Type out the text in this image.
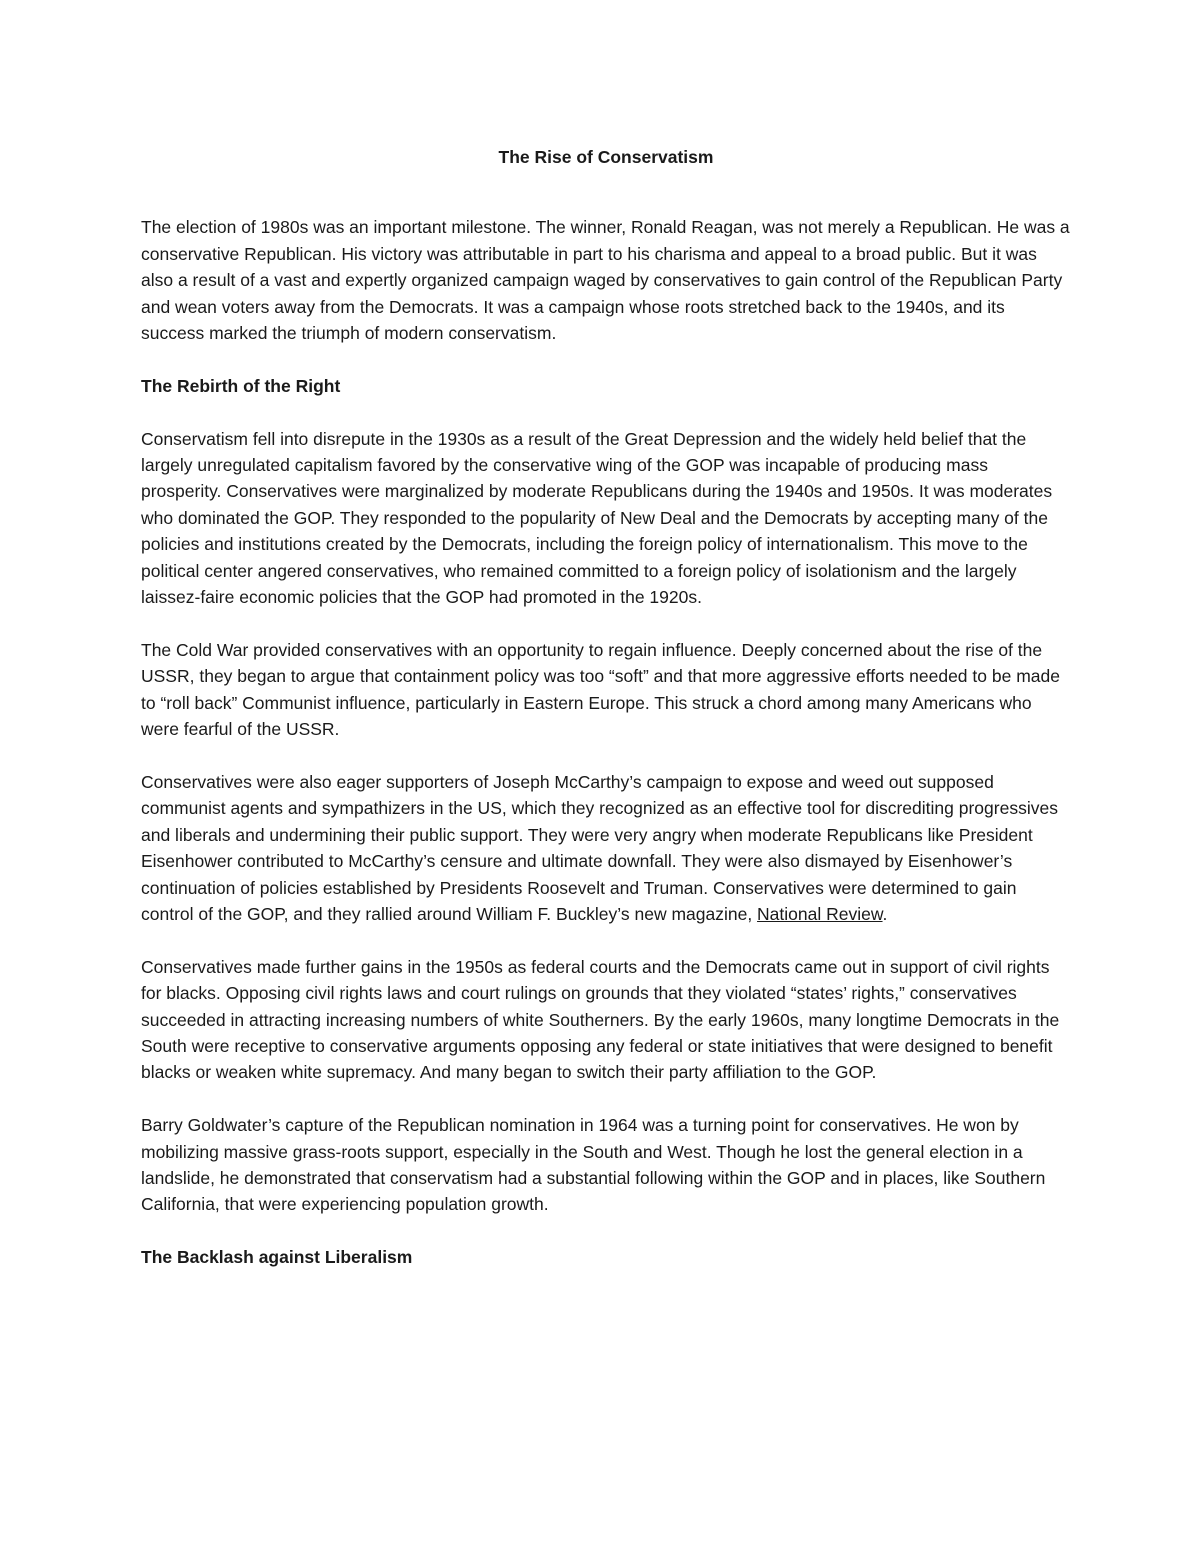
The Rise of Conservatism

The election of 1980s was an important milestone. The winner, Ronald Reagan, was not merely a Republican. He was a conservative Republican. His victory was attributable in part to his charisma and appeal to a broad public. But it was also a result of a vast and expertly organized campaign waged by conservatives to gain control of the Republican Party and wean voters away from the Democrats. It was a campaign whose roots stretched back to the 1940s, and its success marked the triumph of modern conservatism.

The Rebirth of the Right

Conservatism fell into disrepute in the 1930s as a result of the Great Depression and the widely held belief that the largely unregulated capitalism favored by the conservative wing of the GOP was incapable of producing mass prosperity. Conservatives were marginalized by moderate Republicans during the 1940s and 1950s. It was moderates who dominated the GOP. They responded to the popularity of New Deal and the Democrats by accepting many of the policies and institutions created by the Democrats, including the foreign policy of internationalism. This move to the political center angered conservatives, who remained committed to a foreign policy of isolationism and the largely laissez-faire economic policies that the GOP had promoted in the 1920s.

The Cold War provided conservatives with an opportunity to regain influence. Deeply concerned about the rise of the USSR, they began to argue that containment policy was too “soft” and that more aggressive efforts needed to be made to “roll back” Communist influence, particularly in Eastern Europe. This struck a chord among many Americans who were fearful of the USSR.

Conservatives were also eager supporters of Joseph McCarthy’s campaign to expose and weed out supposed communist agents and sympathizers in the US, which they recognized as an effective tool for discrediting progressives and liberals and undermining their public support. They were very angry when moderate Republicans like President Eisenhower contributed to McCarthy’s censure and ultimate downfall. They were also dismayed by Eisenhower’s continuation of policies established by Presidents Roosevelt and Truman. Conservatives were determined to gain control of the GOP, and they rallied around William F. Buckley’s new magazine, National Review.

Conservatives made further gains in the 1950s as federal courts and the Democrats came out in support of civil rights for blacks. Opposing civil rights laws and court rulings on grounds that they violated “states’ rights,” conservatives succeeded in attracting increasing numbers of white Southerners. By the early 1960s, many longtime Democrats in the South were receptive to conservative arguments opposing any federal or state initiatives that were designed to benefit blacks or weaken white supremacy. And many began to switch their party affiliation to the GOP.

Barry Goldwater’s capture of the Republican nomination in 1964 was a turning point for conservatives. He won by mobilizing massive grass-roots support, especially in the South and West. Though he lost the general election in a landslide, he demonstrated that conservatism had a substantial following within the GOP and in places, like Southern California, that were experiencing population growth.

The Backlash against Liberalism
